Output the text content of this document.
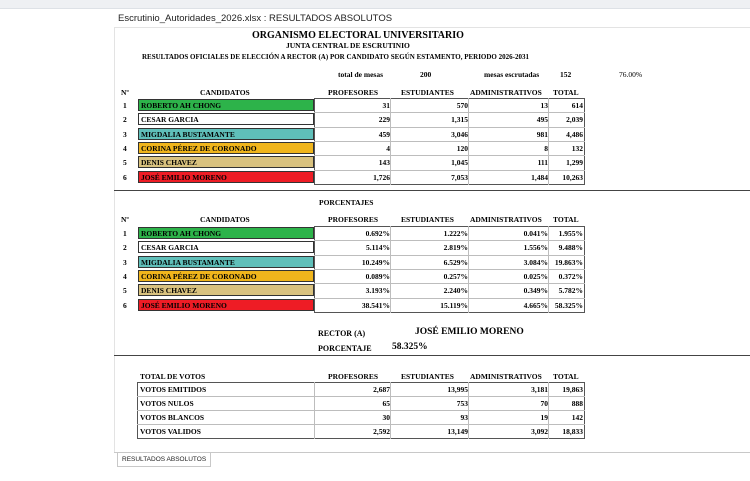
Escrutinio_Autoridades_2026.xlsx : RESULTADOS ABSOLUTOS
ORGANISMO ELECTORAL UNIVERSITARIO
JUNTA CENTRAL DE ESCRUTINIO
RESULTADOS OFICIALES DE ELECCIÓN A RECTOR (A) POR CANDIDATO SEGÚN ESTAMENTO, PERIODO 2026-2031
total de mesas	200	mesas escrutadas	152	76.00%
Nº	CANDIDATOS	PROFESORES	ESTUDIANTES ADMINISTRATIVOS TOTAL
1	ROBERTO AH CHONG	31	570	13	614
2	CESAR GARCIA	229	1,315	495	2,039
3	MIGDALIA BUSTAMANTE	459	3,046	981	4,486
4	CORINA PÉREZ DE CORONADO	4	120	8	132
5	DENIS CHAVEZ	143	1,045	111	1,299
6	JOSÉ EMILIO MORENO	1,726	7,053	1,484	10,263
PORCENTAJES
Nº	CANDIDATOS	PROFESORES	ESTUDIANTES ADMINISTRATIVOS TOTAL
1	ROBERTO AH CHONG	0.692%	1.222%	0.041%	1.955%
2	CESAR GARCIA	5.114%	2.819%	1.556%	9.488%
3	MIGDALIA BUSTAMANTE	10.249%	6.529%	3.084% 19.863%
4	CORINA PÉREZ DE CORONADO	0.089%	0.257%	0.025%	0.372%
5	DENIS CHAVEZ	3.193%	2.240%	0.349%	5.782%
6	JOSÉ EMILIO MORENO	38.541%	15.119%	4.665% 58.325%
RECTOR (A)	JOSÉ EMILIO MORENO
PORCENTAJE 58.325%
TOTAL DE VOTOS	PROFESORES	ESTUDIANTES ADMINISTRATIVOS TOTAL
VOTOS EMITIDOS	2,687	13,995	3,181	19,863
VOTOS NULOS	65	753	70	888
VOTOS BLANCOS	30	93	19	142
VOTOS VALIDOS	2,592	13,149	3,092	18,833
RESULTADOS ABSOLUTOS
